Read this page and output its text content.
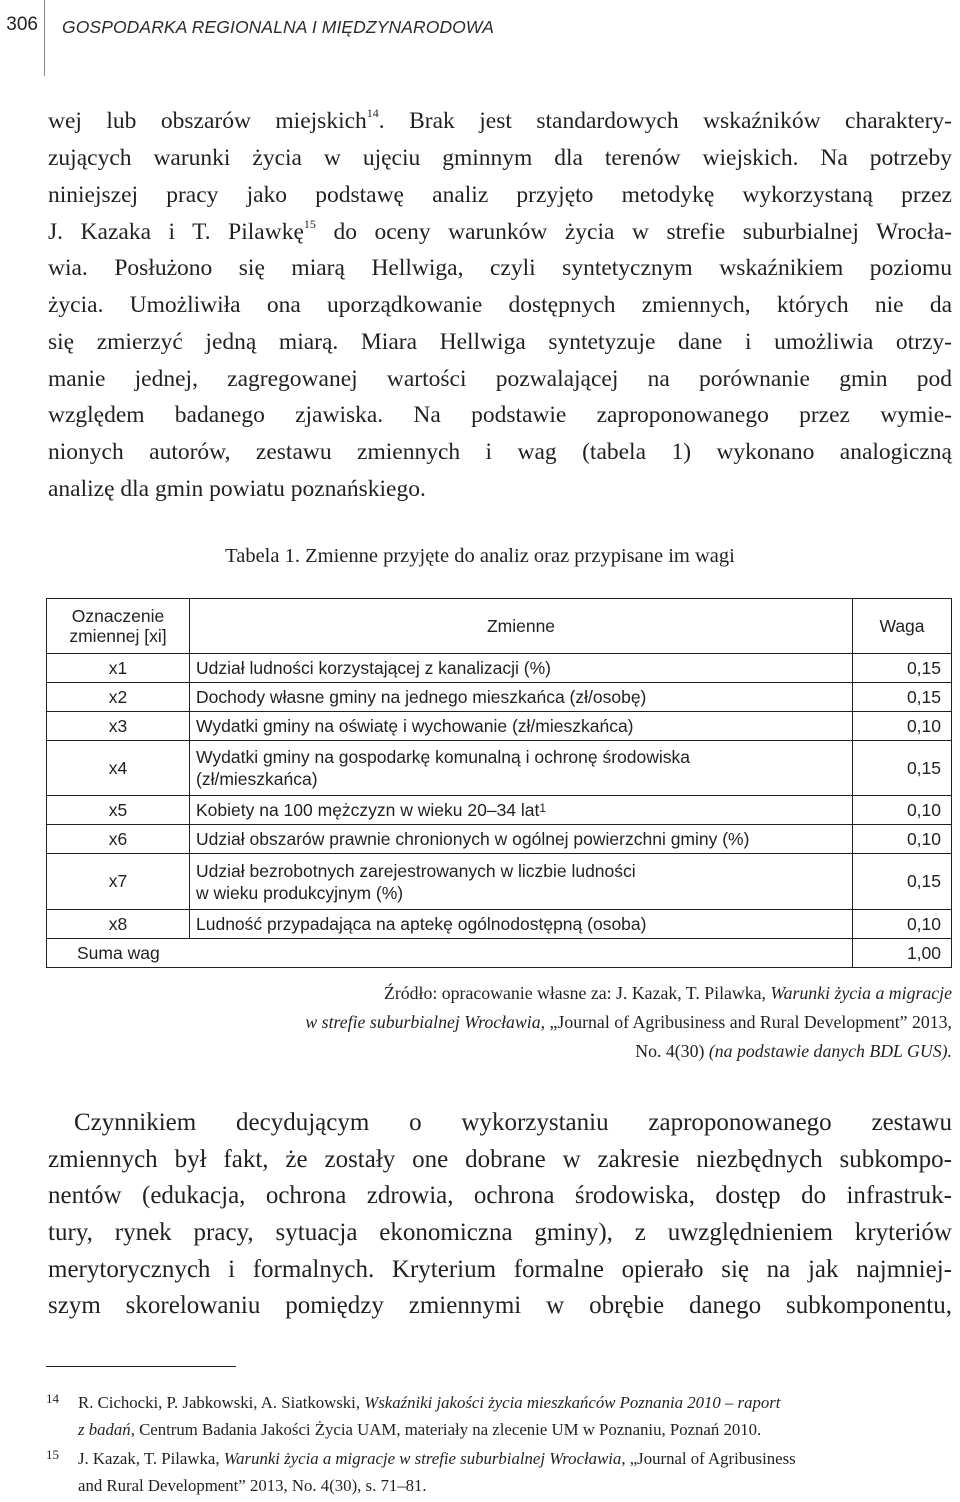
306 GOSPODARKA REGIONALNA I MIĘDZYNARODOWA
wej lub obszarów miejskich$^{14}$. Brak jest standardowych wskaźników charaktery-
zujących warunki życia w ujęciu gminnym dla terenów wiejskich. Na potrzeby
niniejszej pracy jako podstawę analiz przyjęto metodykę wykorzystaną przez
J. Kazaka i T. Pilawkę$^{15}$ do oceny warunków życia w strefie suburbialnej Wrocła-
wia. Posłużono się miarą Hellwiga, czyli syntetycznym wskaźnikiem poziomu
życia. Umożliwiła ona uporządkowanie dostępnych zmiennych, których nie da
się zmierzyć jedną miarą. Miara Hellwiga syntetyzuje dane i umożliwia otrzy-
manie jednej, zagregowanej wartości pozwalającej na porównanie gmin pod
względem badanego zjawiska. Na podstawie zaproponowanego przez wymie-
nionych autorów, zestawu zmiennych i wag (tabela 1) wykonano analogiczną
analizę dla gmin powiatu poznańskiego.
Tabela 1. Zmienne przyjęte do analiz oraz przypisane im wagi
Oznaczenie
zmiennej [xi]	Zmienne	Waga
x1	Udział ludności korzystającej z kanalizacji (%)	0,15
x2	Dochody własne gminy na jednego mieszkańca (zł/osobę)	0,15
x3	Wydatki gminy na oświatę i wychowanie (zł/mieszkańca)	0,10
x4	Wydatki gminy na gospodarkę komunalną i ochronę środowiska
(zł/mieszkańca)	0,15
x5	Kobiety na 100 mężczyzn w wieku 20–34 lat$^1$	0,10
x6	Udział obszarów prawnie chronionych w ogólnej powierzchni gminy (%)	0,10
x7	Udział bezrobotnych zarejestrowanych w liczbie ludności
w wieku produkcyjnym (%)	0,15
x8	Ludność przypadająca na aptekę ogólnodostępną (osoba)	0,10
Suma wag		1,00
Źródło: opracowanie własne za: J. Kazak, T. Pilawka, Warunki życia a migracje
w strefie suburbialnej Wrocławia, „Journal of Agribusiness and Rural Development” 2013,
No. 4(30) (na podstawie danych BDL GUS).
Czynnikiem decydującym o wykorzystaniu zaproponowanego zestawu
zmiennych był fakt, że zostały one dobrane w zakresie niezbędnych subkompo-
nentów (edukacja, ochrona zdrowia, ochrona środowiska, dostęp do infrastruk-
tury, rynek pracy, sytuacja ekonomiczna gminy), z uwzględnieniem kryteriów
merytorycznych i formalnych. Kryterium formalne opierało się na jak najmniej-
szym skorelowaniu pomiędzy zmiennymi w obrębie danego subkomponentu,
14 R. Cichocki, P. Jabkowski, A. Siatkowski, Wskaźniki jakości życia mieszkańców Poznania 2010 – raport
z badań, Centrum Badania Jakości Życia UAM, materiały na zlecenie UM w Poznaniu, Poznań 2010.
15 J. Kazak, T. Pilawka, Warunki życia a migracje w strefie suburbialnej Wrocławia, „Journal of Agribusiness
and Rural Development” 2013, No. 4(30), s. 71–81.
